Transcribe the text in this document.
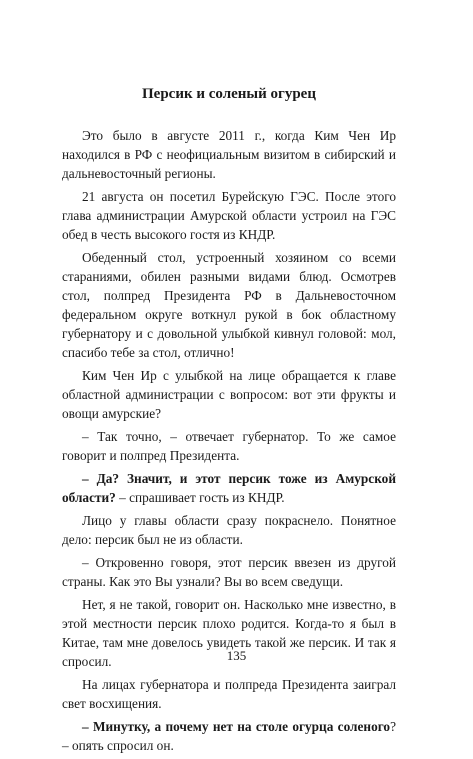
Персик и соленый огурец

Это было в августе 2011 г., когда Ким Чен Ир находился в РФ с неофициальным визитом в сибирский и дальневосточный регионы.

21 августа он посетил Бурейскую ГЭС. После этого глава администрации Амурской области устроил на ГЭС обед в честь высокого гостя из КНДР.

Обеденный стол, устроенный хозяином со всеми стараниями, обилен разными видами блюд. Осмотрев стол, полпред Президента РФ в Дальневосточном федеральном округе воткнул рукой в бок областному губернатору и с довольной улыбкой кивнул головой: мол, спасибо тебе за стол, отлично!

Ким Чен Ир с улыбкой на лице обращается к главе областной администрации с вопросом: вот эти фрукты и овощи амурские?

– Так точно, – отвечает губернатор. То же самое говорит и полпред Президента.

– Да? Значит, и этот персик тоже из Амурской области? – спрашивает гость из КНДР.

Лицо у главы области сразу покраснело. Понятное дело: персик был не из области.

– Откровенно говоря, этот персик ввезен из другой страны. Как это Вы узнали? Вы во всем сведущи.

Нет, я не такой, говорит он. Насколько мне известно, в этой местности персик плохо родится. Когда-то я был в Китае, там мне довелось увидеть такой же персик. И так я спросил.

На лицах губернатора и полпреда Президента заиграл свет восхищения.

– Минутку, а почему нет на столе огурца соленого? – опять спросил он.

135
